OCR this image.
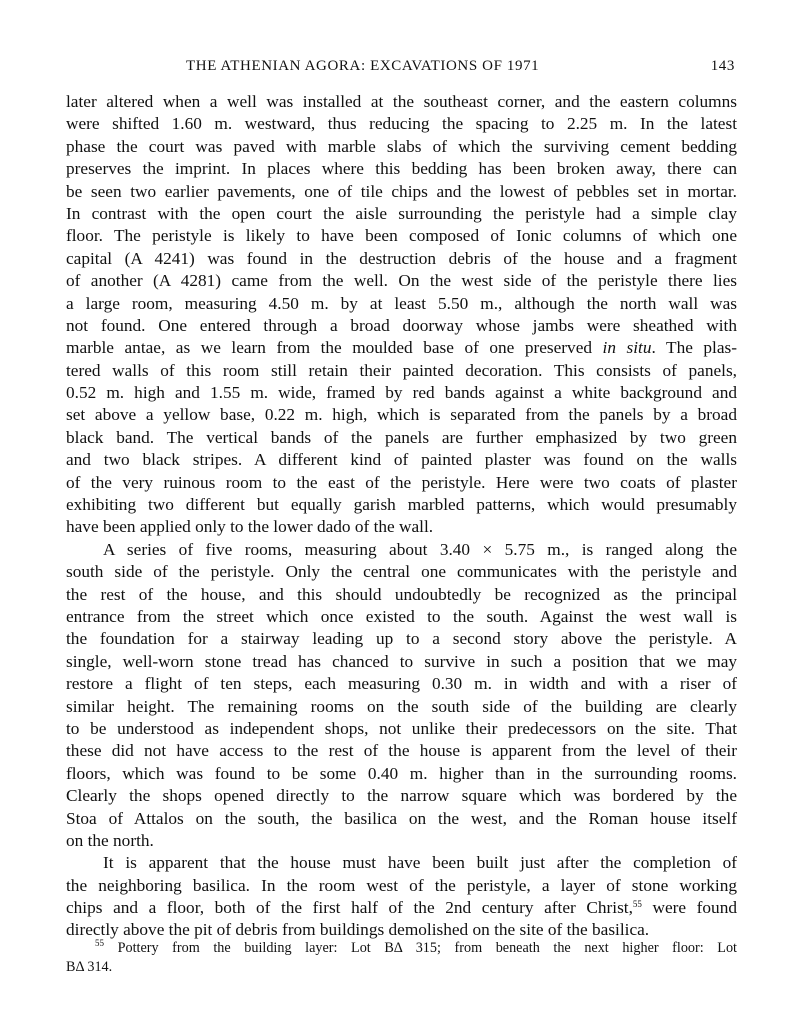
THE ATHENIAN AGORA: EXCAVATIONS OF 1971	143
later altered when a well was installed at the southeast corner, and the eastern columns
were shifted 1.60 m. westward, thus reducing the spacing to 2.25 m. In the latest
phase the court was paved with marble slabs of which the surviving cement bedding
preserves the imprint. In places where this bedding has been broken away, there can
be seen two earlier pavements, one of tile chips and the lowest of pebbles set in mortar.
In contrast with the open court the aisle surrounding the peristyle had a simple clay
floor. The peristyle is likely to have been composed of Ionic columns of which one
capital (A 4241) was found in the destruction debris of the house and a fragment
of another (A 4281) came from the well. On the west side of the peristyle there lies
a large room, measuring 4.50 m. by at least 5.50 m., although the north wall was
not found. One entered through a broad doorway whose jambs were sheathed with
marble antae, as we learn from the moulded base of one preserved in situ. The plas-
tered walls of this room still retain their painted decoration. This consists of panels,
0.52 m. high and 1.55 m. wide, framed by red bands against a white background and
set above a yellow base, 0.22 m. high, which is separated from the panels by a broad
black band. The vertical bands of the panels are further emphasized by two green
and two black stripes. A different kind of painted plaster was found on the walls
of the very ruinous room to the east of the peristyle. Here were two coats of plaster
exhibiting two different but equally garish marbled patterns, which would presumably
have been applied only to the lower dado of the wall.
A series of five rooms, measuring about 3.40 × 5.75 m., is ranged along the
south side of the peristyle. Only the central one communicates with the peristyle and
the rest of the house, and this should undoubtedly be recognized as the principal
entrance from the street which once existed to the south. Against the west wall is
the foundation for a stairway leading up to a second story above the peristyle. A
single, well-worn stone tread has chanced to survive in such a position that we may
restore a flight of ten steps, each measuring 0.30 m. in width and with a riser of
similar height. The remaining rooms on the south side of the building are clearly
to be understood as independent shops, not unlike their predecessors on the site. That
these did not have access to the rest of the house is apparent from the level of their
floors, which was found to be some 0.40 m. higher than in the surrounding rooms.
Clearly the shops opened directly to the narrow square which was bordered by the
Stoa of Attalos on the south, the basilica on the west, and the Roman house itself
on the north.
It is apparent that the house must have been built just after the completion of
the neighboring basilica. In the room west of the peristyle, a layer of stone working
chips and a floor, both of the first half of the 2nd century after Christ,$^{55}$ were found
directly above the pit of debris from buildings demolished on the site of the basilica.
$^{55}$ Pottery from the building layer: Lot BΔ 315; from beneath the next higher floor: Lot
BΔ 314.
